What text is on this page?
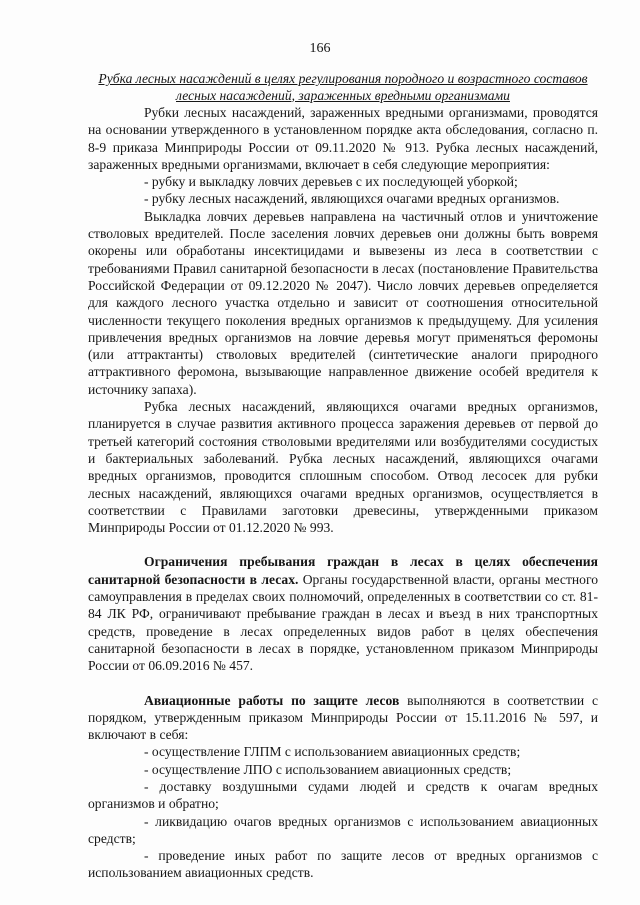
166

Рубка лесных насаждений в целях регулирования породного и возрастного составов лесных насаждений, зараженных вредными организмами

Рубки лесных насаждений, зараженных вредными организмами, проводятся на основании утвержденного в установленном порядке акта обследования, согласно п. 8-9 приказа Минприроды России от 09.11.2020 № 913. Рубка лесных насаждений, зараженных вредными организмами, включает в себя следующие мероприятия:

- рубку и выкладку ловчих деревьев с их последующей уборкой;

- рубку лесных насаждений, являющихся очагами вредных организмов.

Выкладка ловчих деревьев направлена на частичный отлов и уничтожение стволовых вредителей. После заселения ловчих деревьев они должны быть вовремя окорены или обработаны инсектицидами и вывезены из леса в соответствии с требованиями Правил санитарной безопасности в лесах (постановление Правительства Российской Федерации от 09.12.2020 № 2047). Число ловчих деревьев определяется для каждого лесного участка отдельно и зависит от соотношения относительной численности текущего поколения вредных организмов к предыдущему. Для усиления привлечения вредных организмов на ловчие деревья могут применяться феромоны (или аттрактанты) стволовых вредителей (синтетические аналоги природного аттрактивного феромона, вызывающие направленное движение особей вредителя к источнику запаха).

Рубка лесных насаждений, являющихся очагами вредных организмов, планируется в случае развития активного процесса заражения деревьев от первой до третьей категорий состояния стволовыми вредителями или возбудителями сосудистых и бактериальных заболеваний. Рубка лесных насаждений, являющихся очагами вредных организмов, проводится сплошным способом. Отвод лесосек для рубки лесных насаждений, являющихся очагами вредных организмов, осуществляется в соответствии с Правилами заготовки древесины, утвержденными приказом Минприроды России от 01.12.2020 № 993.

Ограничения пребывания граждан в лесах в целях обеспечения санитарной безопасности в лесах. Органы государственной власти, органы местного самоуправления в пределах своих полномочий, определенных в соответствии со ст. 81-84 ЛК РФ, ограничивают пребывание граждан в лесах и въезд в них транспортных средств, проведение в лесах определенных видов работ в целях обеспечения санитарной безопасности в лесах в порядке, установленном приказом Минприроды России от 06.09.2016 № 457.

Авиационные работы по защите лесов выполняются в соответствии с порядком, утвержденным приказом Минприроды России от 15.11.2016 № 597, и включают в себя:

- осуществление ГЛПМ с использованием авиационных средств;

- осуществление ЛПО с использованием авиационных средств;

- доставку воздушными судами людей и средств к очагам вредных организмов и обратно;

- ликвидацию очагов вредных организмов с использованием авиационных средств;

- проведение иных работ по защите лесов от вредных организмов с использованием авиационных средств.
